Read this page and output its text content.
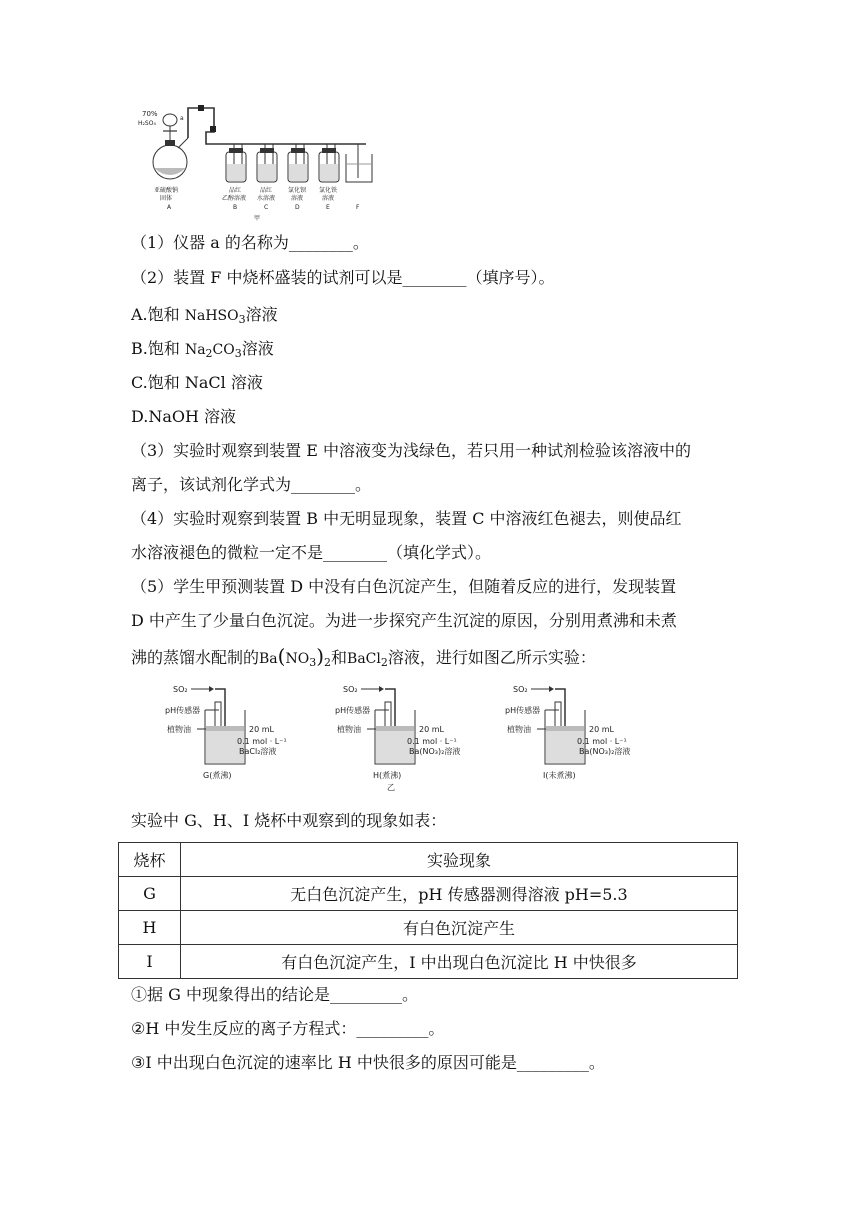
70%
H₂SO₄
a
亚硫酸钠
固体
A
品红
乙醇溶液
B
品红
水溶液
C
氯化钡
溶液
D
氯化铁
溶液
E	F
甲
（1）仪器 a 的名称为________。
（2）装置 F 中烧杯盛装的试剂可以是________（填序号）。
A.饱和 NaHSO$_3$溶液
B.饱和 $Na_2CO_3$溶液
C.饱和 NaCl 溶液
D.NaOH 溶液
（3）实验时观察到装置 E 中溶液变为浅绿色，若只用一种试剂检验该溶液中的
离子，该试剂化学式为________。
（4）实验时观察到装置 B 中无明显现象，装置 C 中溶液红色褪去，则使品红
水溶液褪色的微粒一定不是________（填化学式）。
（5）学生甲预测装置 D 中没有白色沉淀产生，但随着反应的进行，发现装置
D 中产生了少量白色沉淀。为进一步探究产生沉淀的原因，分别用煮沸和未煮
沸的蒸馏水配制的$Ba(NO_3)_2$和BaCl$_2$溶液，进行如图乙所示实验：
SO₂
pH传感器
植物油	20 mL
0.1 mol · L⁻¹
BaCl₂溶液
G(煮沸)
SO₂
pH传感器
植物油	20 mL
0.1 mol · L⁻¹
Ba(NO₃)₂溶液
H(煮沸)
SO₂
pH传感器
植物油	20 mL
0.1 mol · L⁻¹
Ba(NO₃)₂溶液
I(未煮沸)
乙
实验中 G、H、I 烧杯中观察到的现象如表：
烧杯	实验现象
G	无白色沉淀产生，pH 传感器测得溶液 pH=5.3
H	有白色沉淀产生
I	有白色沉淀产生，I 中出现白色沉淀比 H 中快很多
①据 G 中现象得出的结论是_________。
②H 中发生反应的离子方程式：_________。
③I 中出现白色沉淀的速率比 H 中快很多的原因可能是_________。
